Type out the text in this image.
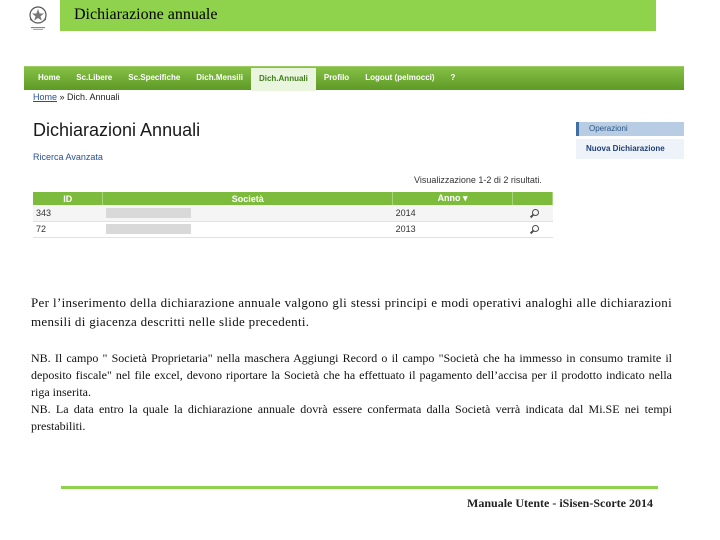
Dichiarazione annuale
Home	Sc.Libere	Sc.Specifiche	Dich.Mensili	Dich.Annuali	Profilo	Logout (pelmocci)	?
Home » Dich. Annuali
Dichiarazioni Annuali
Ricerca Avanzata
Visualizzazione 1-2 di 2 risultati.
ID	Società	Anno ▾	
343		2014	
72		2013	
Operazioni
Nuova Dichiarazione
Per l’inserimento della dichiarazione annuale valgono gli stessi principi e modi operativi analoghi alle dichiarazioni mensili di giacenza descritti nelle slide precedenti.

NB. Il campo " Società Proprietaria" nella maschera Aggiungi Record o il campo "Società che ha immesso in consumo tramite il deposito fiscale" nel file excel, devono riportare la Società che ha effettuato il pagamento dell’accisa per il prodotto indicato nella riga inserita.

NB. La data entro la quale la dichiarazione annuale dovrà essere confermata dalla Società verrà indicata dal Mi.SE nei tempi prestabiliti.

Manuale Utente - iSisen-Scorte 2014
